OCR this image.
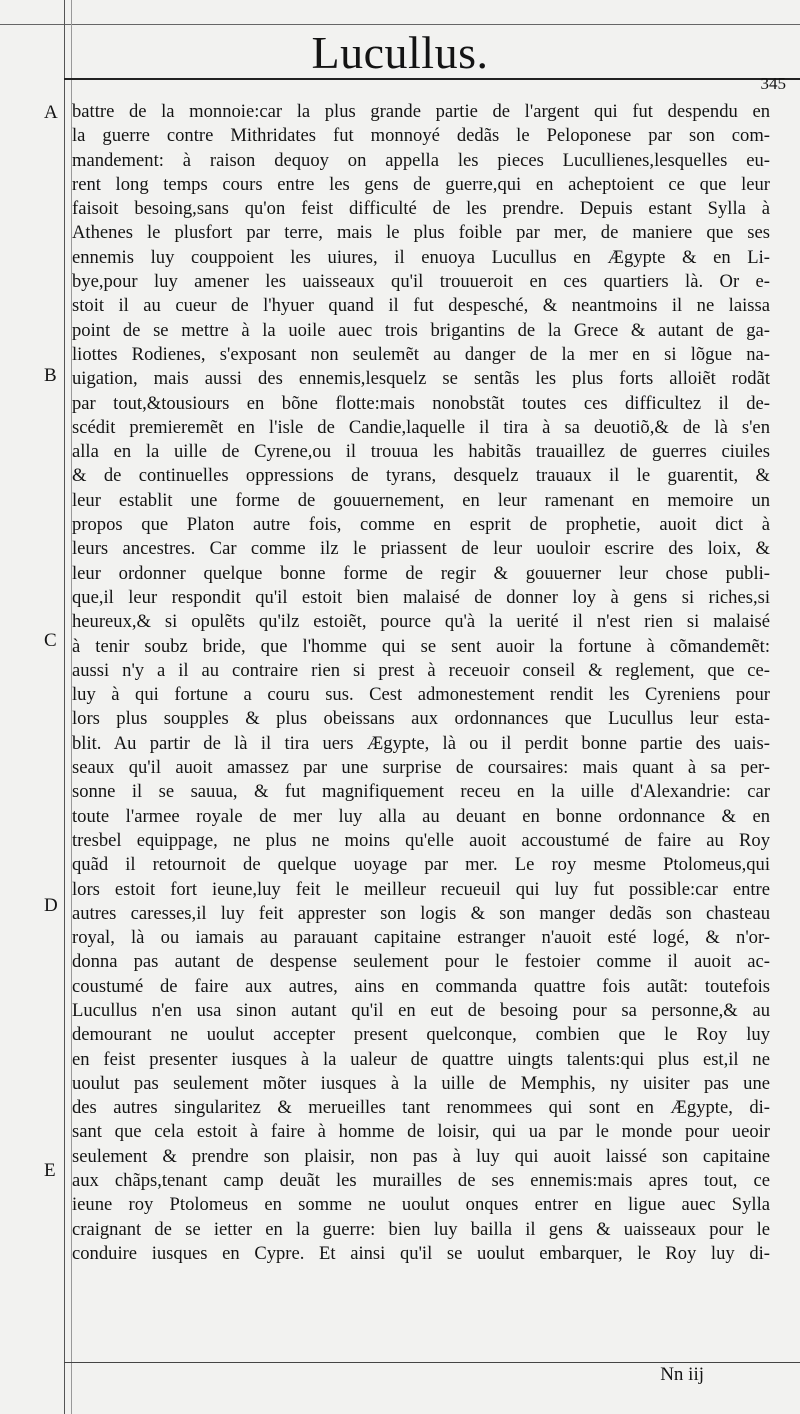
Lucullus.
345
A
B
C
D
E
battre de la monnoie:car la plus grande partie de l'argent qui fut despendu en
la guerre contre Mithridates fut monnoyé dedãs le Peloponese par son com-
mandement: à raison dequoy on appella les pieces Lucullienes,lesquelles eu-
rent long temps cours entre les gens de guerre,qui en acheptoient ce que leur
faisoit besoing,sans qu'on feist difficulté de les prendre. Depuis estant Sylla à
Athenes le plusfort par terre, mais le plus foible par mer, de maniere que ses
ennemis luy couppoient les uiures, il enuoya Lucullus en Ægypte & en Li-
bye,pour luy amener les uaisseaux qu'il trouueroit en ces quartiers là. Or e-
stoit il au cueur de l'hyuer quand il fut despesché, & neantmoins il ne laissa
point de se mettre à la uoile auec trois brigantins de la Grece & autant de ga-
liottes Rodienes, s'exposant non seulemẽt au danger de la mer en si lõgue na-
uigation, mais aussi des ennemis,lesquelz se sentãs les plus forts alloiẽt rodãt
par tout,&tousiours en bõne flotte:mais nonobstãt toutes ces difficultez il de-
scédit premieremẽt en l'isle de Candie,laquelle il tira à sa deuotiõ,& de là s'en
alla en la uille de Cyrene,ou il trouua les habitãs trauaillez de guerres ciuiles
& de continuelles oppressions de tyrans, desquelz trauaux il le guarentit, &
leur establit une forme de gouuernement, en leur ramenant en memoire un
propos que Platon autre fois, comme en esprit de prophetie, auoit dict à
leurs ancestres. Car comme ilz le priassent de leur uouloir escrire des loix, &
leur ordonner quelque bonne forme de regir & gouuerner leur chose publi-
que,il leur respondit qu'il estoit bien malaisé de donner loy à gens si riches,si
heureux,& si opulẽts qu'ilz estoiẽt, pource qu'à la uerité il n'est rien si malaisé
à tenir soubz bride, que l'homme qui se sent auoir la fortune à cõmandemẽt:
aussi n'y a il au contraire rien si prest à receuoir conseil & reglement, que ce-
luy à qui fortune a couru sus. Cest admonestement rendit les Cyreniens pour
lors plus soupples & plus obeissans aux ordonnances que Lucullus leur esta-
blit. Au partir de là il tira uers Ægypte, là ou il perdit bonne partie des uais-
seaux qu'il auoit amassez par une surprise de coursaires: mais quant à sa per-
sonne il se sauua, & fut magnifiquement receu en la uille d'Alexandrie: car
toute l'armee royale de mer luy alla au deuant en bonne ordonnance & en
tresbel equippage, ne plus ne moins qu'elle auoit accoustumé de faire au Roy
quãd il retournoit de quelque uoyage par mer. Le roy mesme Ptolomeus,qui
lors estoit fort ieune,luy feit le meilleur recueuil qui luy fut possible:car entre
autres caresses,il luy feit apprester son logis & son manger dedãs son chasteau
royal, là ou iamais au parauant capitaine estranger n'auoit esté logé, & n'or-
donna pas autant de despense seulement pour le festoier comme il auoit ac-
coustumé de faire aux autres, ains en commanda quattre fois autãt: toutefois
Lucullus n'en usa sinon autant qu'il en eut de besoing pour sa personne,& au
demourant ne uoulut accepter present quelconque, combien que le Roy luy
en feist presenter iusques à la ualeur de quattre uingts talents:qui plus est,il ne
uoulut pas seulement mõter iusques à la uille de Memphis, ny uisiter pas une
des autres singularitez & merueilles tant renommees qui sont en Ægypte, di-
sant que cela estoit à faire à homme de loisir, qui ua par le monde pour ueoir
seulement & prendre son plaisir, non pas à luy qui auoit laissé son capitaine
aux chãps,tenant camp deuãt les murailles de ses ennemis:mais apres tout, ce
ieune roy Ptolomeus en somme ne uoulut onques entrer en ligue auec Sylla
craignant de se ietter en la guerre: bien luy bailla il gens & uaisseaux pour le
conduire iusques en Cypre. Et ainsi qu'il se uoulut embarquer, le Roy luy di-
Nn iij
